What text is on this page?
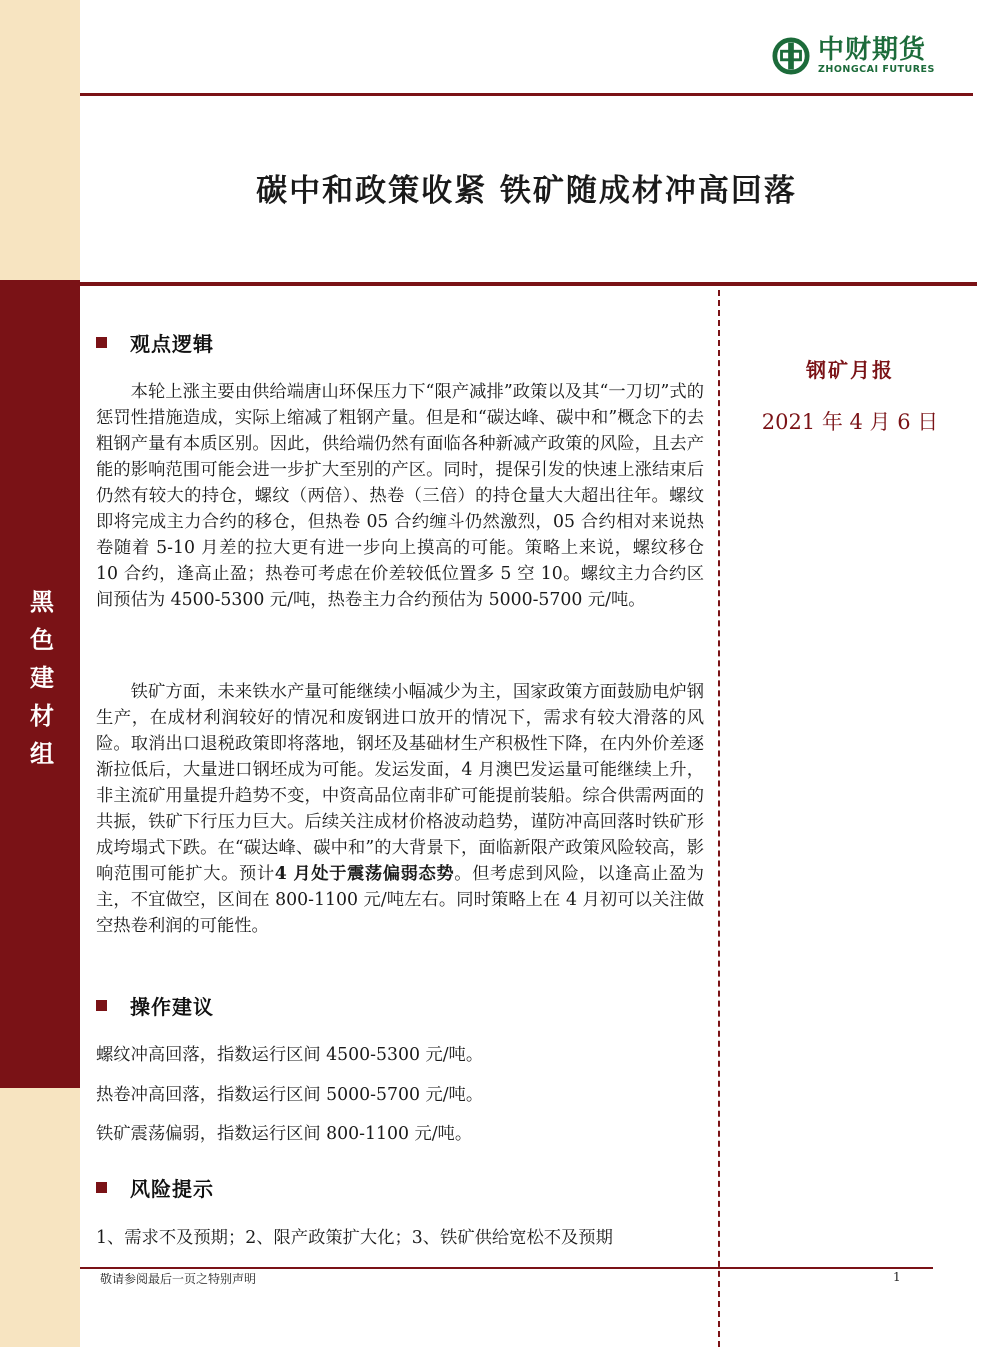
黑色建材组
中财期货
ZHONGCAI FUTURES
碳中和政策收紧 铁矿随成材冲高回落
钢矿月报
2021 年 4 月 6 日
观点逻辑

本轮上涨主要由供给端唐山环保压力下“限产减排”政策以及其“一刀切”式的惩罚性措施造成，实际上缩减了粗钢产量。但是和“碳达峰、碳中和”概念下的去粗钢产量有本质区别。因此，供给端仍然有面临各种新减产政策的风险，且去产能的影响范围可能会进一步扩大至别的产区。同时，提保引发的快速上涨结束后仍然有较大的持仓，螺纹（两倍）、热卷（三倍）的持仓量大大超出往年。螺纹即将完成主力合约的移仓，但热卷 05 合约缠斗仍然激烈，05 合约相对来说热卷随着 5-10 月差的拉大更有进一步向上摸高的可能。策略上来说，螺纹移仓 10 合约，逢高止盈；热卷可考虑在价差较低位置多 5 空 10。螺纹主力合约区间预估为 4500-5300 元/吨，热卷主力合约预估为 5000-5700 元/吨。

铁矿方面，未来铁水产量可能继续小幅减少为主，国家政策方面鼓励电炉钢生产，在成材利润较好的情况和废钢进口放开的情况下，需求有较大滑落的风险。取消出口退税政策即将落地，钢坯及基础材生产积极性下降，在内外价差逐渐拉低后，大量进口钢坯成为可能。发运发面，4 月澳巴发运量可能继续上升，非主流矿用量提升趋势不变，中资高品位南非矿可能提前装船。综合供需两面的共振，铁矿下行压力巨大。后续关注成材价格波动趋势，谨防冲高回落时铁矿形成垮塌式下跌。在“碳达峰、碳中和”的大背景下，面临新限产政策风险较高，影响范围可能扩大。预计4 月处于震荡偏弱态势。但考虑到风险，以逢高止盈为主，不宜做空，区间在 800-1100 元/吨左右。同时策略上在 4 月初可以关注做空热卷利润的可能性。

操作建议
螺纹冲高回落，指数运行区间 4500-5300 元/吨。
热卷冲高回落，指数运行区间 5000-5700 元/吨。
铁矿震荡偏弱，指数运行区间 800-1100 元/吨。
风险提示
1、需求不及预期；2、限产政策扩大化；3、铁矿供给宽松不及预期
敬请参阅最后一页之特别声明	1
